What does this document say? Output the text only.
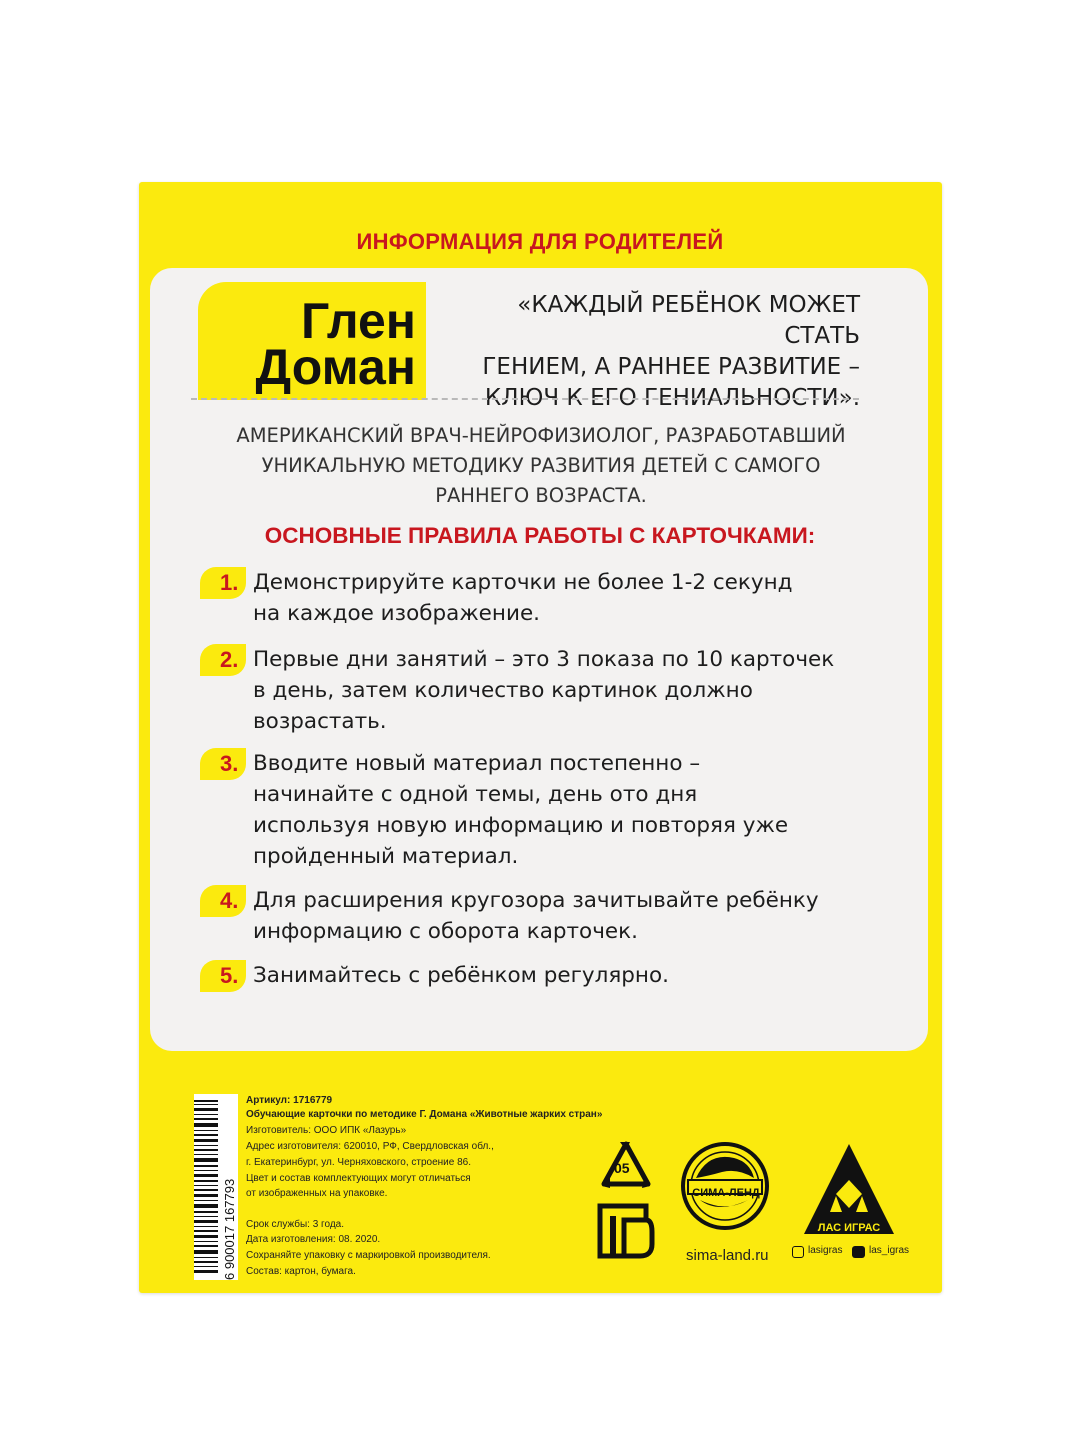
ИНФОРМАЦИЯ ДЛЯ РОДИТЕЛЕЙ
Глен
Доман
«КАЖДЫЙ РЕБЁНОК МОЖЕТ СТАТЬ
ГЕНИЕМ, А РАННЕЕ РАЗВИТИЕ –
КЛЮЧ К ЕГО ГЕНИАЛЬНОСТИ».
АМЕРИКАНСКИЙ ВРАЧ-НЕЙРОФИЗИОЛОГ, РАЗРАБОТАВШИЙ
УНИКАЛЬНУЮ МЕТОДИКУ РАЗВИТИЯ ДЕТЕЙ С САМОГО
РАННЕГО ВОЗРАСТА.
ОСНОВНЫЕ ПРАВИЛА РАБОТЫ С КАРТОЧКАМИ:
1. Демонстрируйте карточки не более 1-2 секунд
на каждое изображение.
2. Первые дни занятий – это 3 показа по 10 карточек
в день, затем количество картинок должно
возрастать.
3. Вводите новый материал постепенно –
начинайте с одной темы, день ото дня
используя новую информацию и повторяя уже
пройденный материал.
4. Для расширения кругозора зачитывайте ребёнку
информацию с оборота карточек.
5. Занимайтесь с ребёнком регулярно.
6 900017 167793
Артикул: 1716779
Обучающие карточки по методике Г. Домана «Животные жарких стран»
Изготовитель: ООО ИПК «Лазурь»
Адрес изготовителя: 620010, РФ, Свердловская обл.,
г. Екатеринбург, ул. Черняховского, строение 86.
Цвет и состав комплектующих могут отличаться
от изображенных на упаковке.
Срок службы: 3 года.
Дата изготовления: 08. 2020.
Сохраняйте упаковку с маркировкой производителя.
Состав: картон, бумага.
05
СИМА-ЛЕНД
sima-land.ru
ЛАС ИГРАС
lasigras	las_igras
